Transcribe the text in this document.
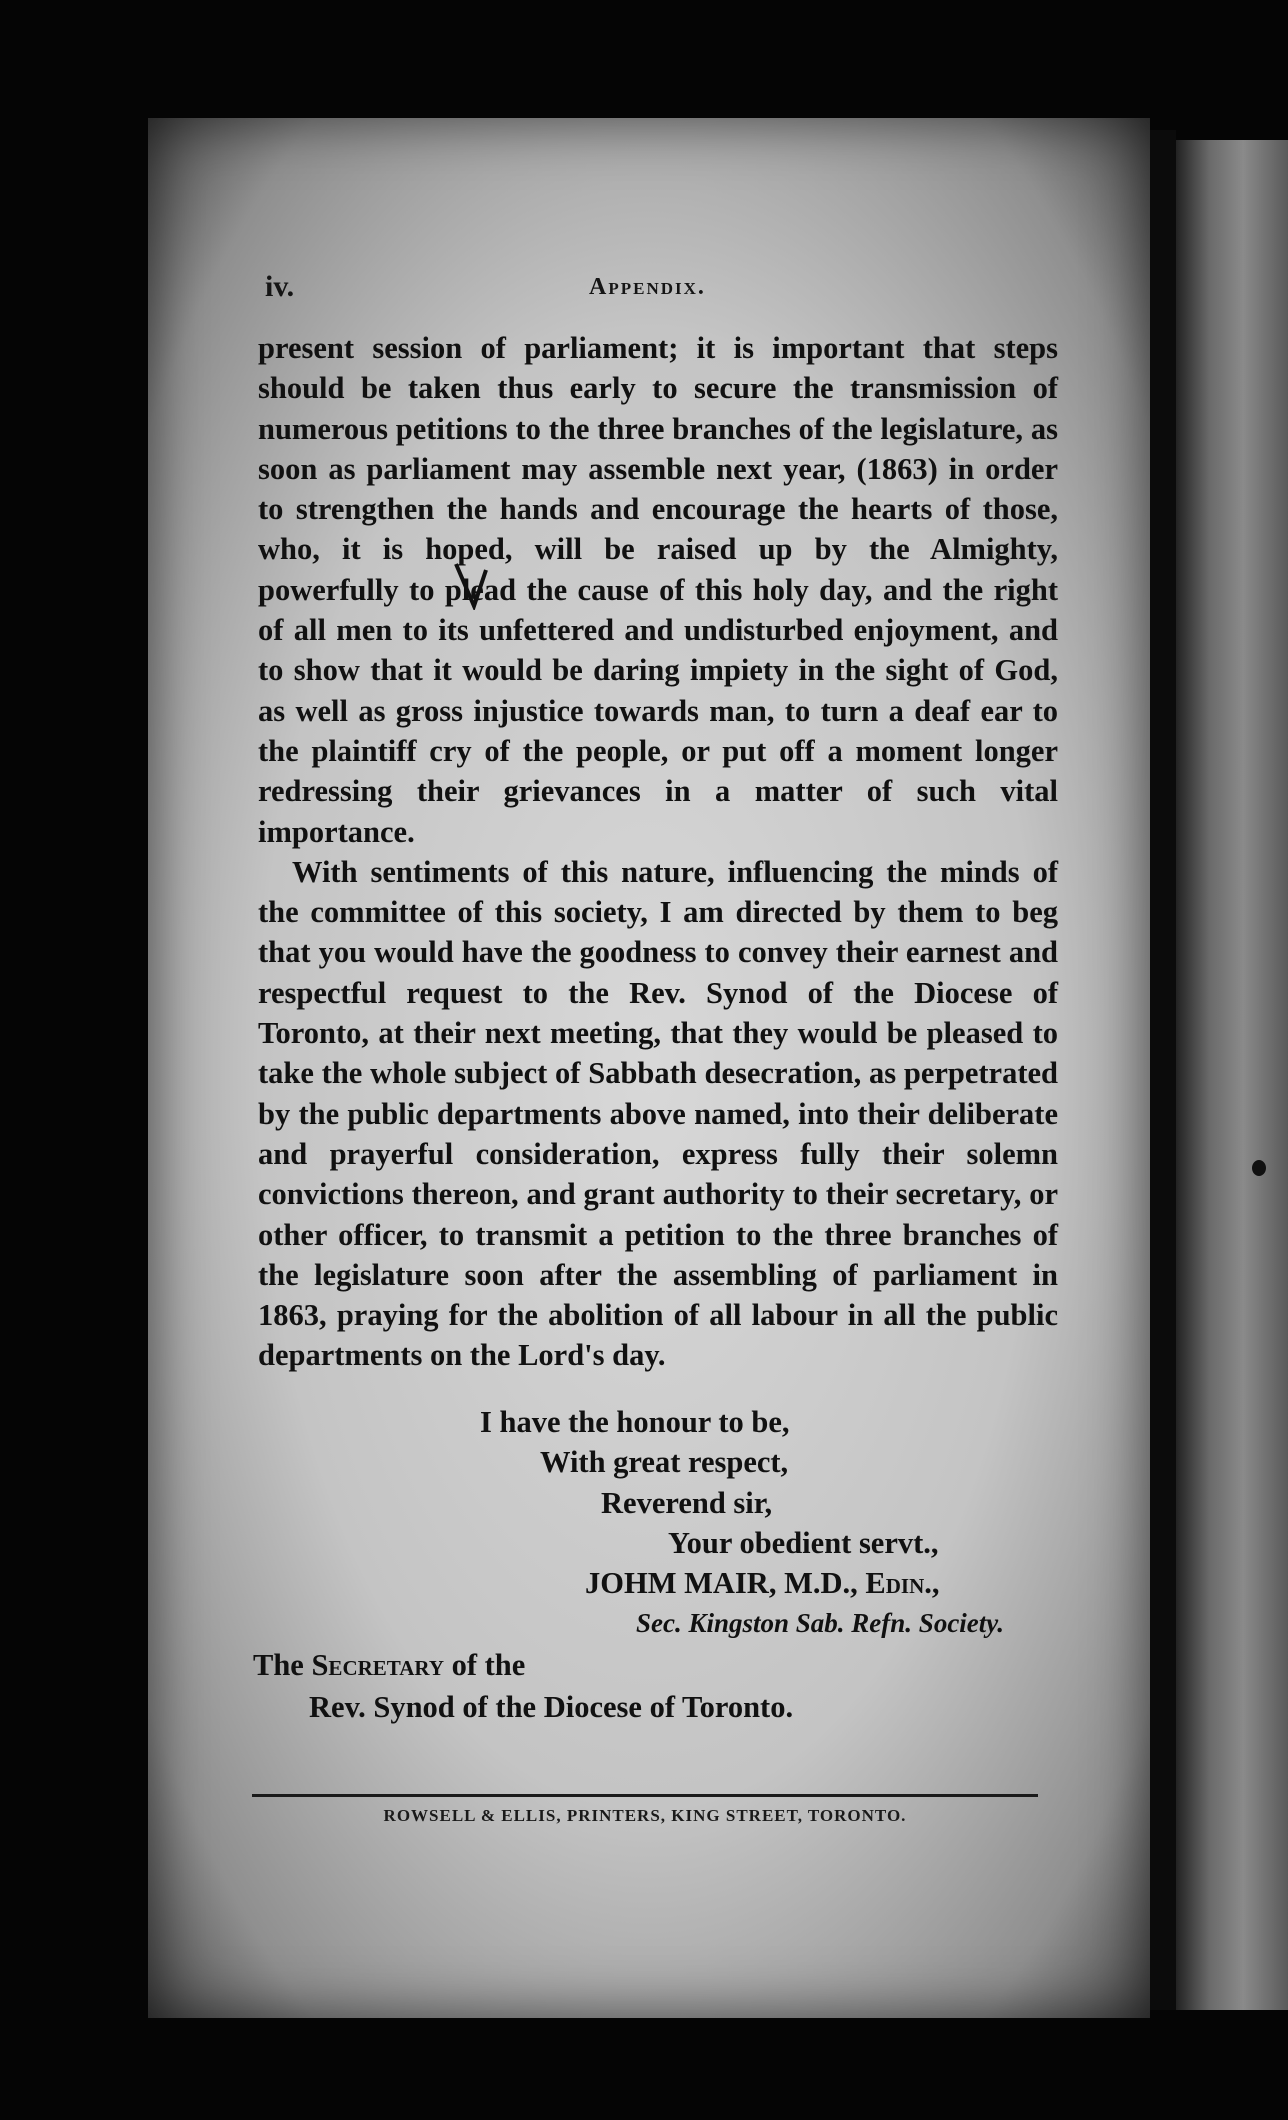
iv.	Appendix.

present session of parliament; it is important that steps should be taken thus early to secure the transmission of numerous petitions to the three branches of the legislature, as soon as parliament may assemble next year, (1863) in order to strengthen the hands and encourage the hearts of those, who, it is hoped, will be raised up by the Almighty, powerfully to plead the cause of this holy day, and the right of all men to its unfettered and undisturbed enjoyment, and to show that it would be daring impiety in the sight of God, as well as gross injustice towards man, to turn a deaf ear to the plaintiff cry of the people, or put off a moment longer redressing their grievances in a matter of such vital importance.

With sentiments of this nature, influencing the minds of the committee of this society, I am directed by them to beg that you would have the goodness to convey their earnest and respectful request to the Rev. Synod of the Diocese of Toronto, at their next meeting, that they would be pleased to take the whole subject of Sabbath desecration, as perpetrated by the public departments above named, into their deliberate and prayerful consideration, express fully their solemn convictions thereon, and grant authority to their secretary, or other officer, to transmit a petition to the three branches of the legislature soon after the assembling of parliament in 1863, praying for the abolition of all labour in all the public departments on the Lord's day.

I have the honour to be,
With great respect,
Reverend sir,
Your obedient servt.,
JOHM MAIR, M.D., Edin.,
Sec. Kingston Sab. Refn. Society.
The Secretary of the
Rev. Synod of the Diocese of Toronto.
ROWSELL & ELLIS, PRINTERS, KING STREET, TORONTO.
